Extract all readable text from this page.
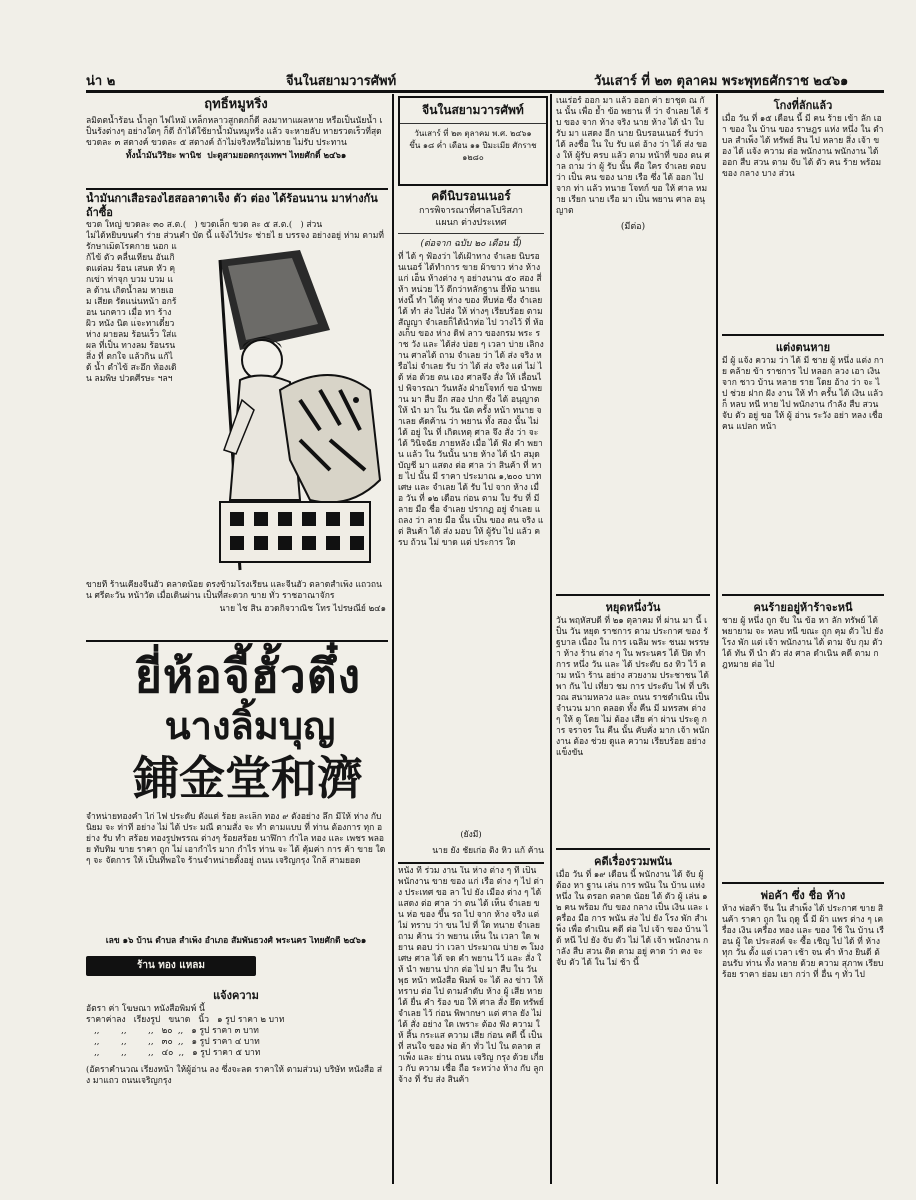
น่า ๒	จีนในสยามวารศัพท์	วันเสาร์ ที่ ๒๓ ตุลาคม พระพุทธศักราช ๒๔๖๑
ฤทธิ์หมูหริ่ง
ลมิตตน้ำร้อน น้ำลูก ไฟไหม้ เหล็กหลาวสูกดกก็ดี ลงมาทาแผลหาย หรือเป็นนัยน้ำ เป็นร้งต่างๆ อย่างใดๆ ก็ดี ถ้าได้ใช้ยาน้ำมันหมูหริ่ง แล้ว จะหายลับ หายรวดเร็วที่สุด ขวดละ ๓ สตางค์ ขวดละ ๕ สตางค์ ถ้าไม่จริงหรือไม่หาย ไม่รับ ประทาน
ทั้งน้ำมันวิริยะ พานิช  ปะตูสามยอดกรุงเทพฯ ไทยศักดิ์ ๒๔๖๑
น้ำมันกาเสือรองไฮสอลาตาเจ็ง ตัว ต่อง ได้ร้อนนาน มาห่างกัน ถ้าซื้อ
ขวด ใหญ่ ขวดละ ๓๐ ส.ต.(   ) ขวดเล็ก ขวด ละ ๕ ส.ต.(   ) ส่วน
ไม่ได้หยิบขนคำ ร่าย ส่วนคำ บัด นี้ แจ้งไว้ประ ช่ายไ ย บรรจง อย่างอยู่ ห่าม ตามที่
รักษาเม็ดโรคกาย นอก แก้ไข้ ตัว คลื่นเหียน อันเกิดแต่ลม ร้อน เสนด หัว คุกเข่า ท่าจุก บวม บวม แล ด้าน เกิดน้ำลม หายเอม เสียด รัดแน่นหน้า อกร้อน นกคาว เมื่อ ทา ร้าง ผิว หนัง นิด แ่จะทาเดี๋ยว ห่าง ผายลม ร้อนเร็ว ใส่แผล ที่เป็น ทางลม ร้อนรน สิ่ง ที่ ตกใจ แล้วกิน แก้ได้ น้ำ ตำไข้ สะอึก ท้องเดิน ลมพิษ ปวดศีรษะ ฯลฯ
ขายที่ ร้านเคียงจีนฮั่ว ตลาดน้อย ตรงข้ามโรงเรียน และจีนฮั่ว ตลาดสำเพ็ง แถวถนน ศรีตะวัน หน้าวัด เมื่อเดินผ่าน เป็นที่สะดวก ขาย ทั่ว ราชอาณาจักร
นาย ไช สิน ฮวดกิจวาณิช โทร ไปรษณีย์ ๒๔๑
ยี่ห้อจี้ฮั้วตึ๋ง
นางลิ้มบุญ
鋪金堂和濟
จำหน่ายทองคำ ไก่ ไฟ ประดับ ตั้งแต่ ร้อย ละเล็ก ทอง ๙ ตั้งอย่าง ลึก มีให้ ห่าง กับ นิยม จะ ท่าที อย่าง ไม่ ได้ ประ มณี ตามสั่ง จะ ทำ ตามแบบ ที่ ท่าน ต้องการ ทุก อย่าง รับ ทำ สร้อย ทองรูปพรรณ ต่างๆ ร้อยสร้อย นาฬิกา กำไล ทอง และ เพชร พลอย ทับทิม ขาย ราคา ถูก ไม่ เอากำไร มาก กำไร ท่าน จะ ได้ คุ้มค่า การ ค้า ขาย ใด ๆ จะ จัดการ ให้ เป็นที่พอใจ ร้านจำหน่ายตั้งอยู่ ถนน เจริญกรุง ใกล้ สามยอด
เลข ๑๖ บ้าน ตำบล สำเพ็ง อำเภอ สัมพันธวงศ์ พระนคร ไทยศักดิ์ ๒๔๖๑
ร้าน ทอง แหลม
แจ้งความ
อัตรา ค่า โฆษณา หนังสือพิมพ์ นี้
ราคาค่าลง   เรียงรูป   ขนาด   นิ้ว   ๑ รูป ราคา ๒ บาท
,,        ,,        ,,   ๒๐  ,,   ๑ รูป ราคา ๓ บาท
,,        ,,        ,,   ๓๐  ,,   ๑ รูป ราคา ๔ บาท
,,        ,,        ,,   ๔๐  ,,   ๑ รูป ราคา ๕ บาท
(อัตราคำนวณ เรียงหน้า ให้ผู้อ่าน ลง ซึ่งจะลด ราคาให้ ตามส่วน) บริษัท หนังสือ ส่ง มาแถว ถนนเจริญกรุง
จีนในสยามวารศัพท์
วันเสาร์ ที่ ๒๓ ตุลาคม พ.ศ. ๒๔๖๑
ขึ้น ๑๘ ค่ำ เดือน ๑๑ ปีมะเมีย ศักราช ๑๒๘๐
คดีนิบรอนเนอร์
การพิจารณาที่ศาลโปริสภา
แผนก ต่างประเทศ
(ต่อจาก ฉบับ ๒๐ เดือน นี้)
ที่ ได้ ๆ ฟ้องว่า ได้เฝ้าทาง จำเลย นิบรอนเนอร์ ได้ทำการ ขาย ผ้าขาว ห่าง ห้าง แก่ เอ็น ห้างต่าง ๆ อย่างนาน ๕๐ สอง สี่ ห้า หน่วย ไว้ ดีกว่าหลักฐาน ยี่ห้อ นายแห่งนี้ ทำ ได้ดู ห่าง ของ หีบห่อ ซึ่ง จำเลย ได้ ทำ ส่ง ไปส่ง ให้ ห่างๆ เรียบร้อย ตามสัญญา จำเลยก็ได้นำห่อ ไป วางไว้ ที่ ห้องเก็บ ของ ห่าง ดิฟ ลาว ของกรม พระ ราช วัง และ ได้ส่ง บ่อย ๆ เวลา บ่าย เลิกงาน ศาลได้ ถาม จำเลย ว่า ได้ ส่ง จริง หรือไม่ จำเลย รับ ว่า ได้ ส่ง จริง แต่ ไม่ ได้ ห่อ ด้วย ตน เอง ศาลจึง สั่ง ให้ เลื่อนไป พิจารณา วันหลัง ฝ่ายโจทก์ ขอ นำพยาน มา สืบ อีก สอง ปาก ซึ่ง ได้ อนุญาต ให้ นำ มา ใน วัน นัด ครั้ง หน้า ทนาย จำเลย คัดค้าน ว่า พยาน ทั้ง สอง นั้น ไม่ ได้ อยู่ ใน ที่ เกิดเหตุ ศาล จึง สั่ง ว่า จะ ได้ วินิจฉัย ภายหลัง เมื่อ ได้ ฟัง คำ พยาน แล้ว ใน วันนั้น นาย ห้าง ได้ นำ สมุด บัญชี มา แสดง ต่อ ศาล ว่า สินค้า ที่ หาย ไป นั้น มี ราคา ประมาณ ๑,๒๐๐ บาท เศษ และ จำเลย ได้ รับ ไป จาก ห้าง เมื่อ วัน ที่ ๑๒ เดือน ก่อน ตาม ใบ รับ ที่ มี ลาย มือ ชื่อ จำเลย ปรากฏ อยู่ จำเลย แถลง ว่า ลาย มือ นั้น เป็น ของ ตน จริง แต่ สินค้า ได้ ส่ง มอบ ให้ ผู้รับ ไป แล้ว ครบ ถ้วน ไม่ ขาด แต่ ประการ ใด
(ยังมี)
นาย ยัง ชัยเก่อ ติ๊ง หิว แก้ ค้าน
หนัง ที่ ร่วม งาน ใน ห่าง ต่าง ๆ ที่ เป็น พนักงาน ขาย ของ แก่ เรือ ต่าง ๆ ไป ต่าง ประเทศ ขอ ลา ไป ยัง เมือง ต่าง ๆ ได้ แสดง ต่อ ศาล ว่า ตน ได้ เห็น จำเลย ขน ห่อ ของ ขึ้น รถ ไป จาก ห้าง จริง แต่ ไม่ ทราบ ว่า ขน ไป ที่ ใด ทนาย จำเลย ถาม ค้าน ว่า พยาน เห็น ใน เวลา ใด พยาน ตอบ ว่า เวลา ประมาณ บ่าย ๓ โมง เศษ ศาล ได้ จด คำ พยาน ไว้ และ สั่ง ให้ นำ พยาน ปาก ต่อ ไป มา สืบ ใน วัน พุธ หน้า หนังสือ พิมพ์ จะ ได้ ลง ข่าว ให้ ทราบ ต่อ ไป ตามลำดับ ห้าง ผู้ เสีย หาย ได้ ยื่น คำ ร้อง ขอ ให้ ศาล สั่ง ยึด ทรัพย์ จำเลย ไว้ ก่อน พิพากษา แต่ ศาล ยัง ไม่ ได้ สั่ง อย่าง ใด เพราะ ต้อง ฟัง ความ ให้ สิ้น กระแส ความ เสีย ก่อน คดี นี้ เป็น ที่ สนใจ ของ พ่อ ค้า ทั่ว ไป ใน ตลาด สำเพ็ง และ ย่าน ถนน เจริญ กรุง ด้วย เกี่ยว กับ ความ เชื่อ ถือ ระหว่าง ห้าง กับ ลูกจ้าง ที่ รับ ส่ง สินค้า
เนเร่อร์ ออก มา แล้ว ออก ค่า ยาชุด ณ กัน นั้น เพื่อ ย้ำ ข้อ พยาน ที่ ว่า จำเลย ได้ รับ ของ จาก ห้าง จริง นาย ห้าง ได้ นำ ใบ รับ มา แสดง อีก นาย นิบรอนเนอร์ รับว่า ได้ ลงชื่อ ใน ใบ รับ แต่ อ้าง ว่า ได้ ส่ง ของ ให้ ผู้รับ ครบ แล้ว ตาม หน้าที่ ของ ตน ศาล ถาม ว่า ผู้ รับ นั้น คือ ใคร จำเลย ตอบ ว่า เป็น คน ของ นาย เรือ ซึ่ง ได้ ออก ไป จาก ท่า แล้ว ทนาย โจทก์ ขอ ให้ ศาล หมาย เรียก นาย เรือ มา เป็น พยาน ศาล อนุญาต
(มีต่อ)
หยุดหนึ่งวัน
วัน พฤหัสบดี ที่ ๒๑ ตุลาคม ที่ ผ่าน มา นี้ เป็น วัน หยุด ราชการ ตาม ประกาศ ของ รัฐบาล เนื่อง ใน การ เฉลิม พระ ชนม พรรษา ห้าง ร้าน ต่าง ๆ ใน พระนคร ได้ ปิด ทำการ หนึ่ง วัน และ ได้ ประดับ ธง ทิว ไว้ ตาม หน้า ร้าน อย่าง สวยงาม ประชาชน ได้ พา กัน ไป เที่ยว ชม การ ประดับ ไฟ ที่ บริเวณ สนามหลวง และ ถนน ราชดำเนิน เป็น จำนวน มาก ตลอด ทั้ง คืน มี มหรสพ ต่าง ๆ ให้ ดู โดย ไม่ ต้อง เสีย ค่า ผ่าน ประตู การ จราจร ใน คืน นั้น คับคั่ง มาก เจ้า พนักงาน ต้อง ช่วย ดูแล ความ เรียบร้อย อย่าง แข็งขัน
คดีเรื่องรวมพนัน
เมื่อ วัน ที่ ๑๙ เดือน นี้ พนักงาน ได้ จับ ผู้ ต้อง หา ฐาน เล่น การ พนัน ใน บ้าน แห่ง หนึ่ง ใน ตรอก ตลาด น้อย ได้ ตัว ผู้ เล่น ๑๒ คน พร้อม กับ ของ กลาง เป็น เงิน และ เครื่อง มือ การ พนัน ส่ง ไป ยัง โรง พัก สำเพ็ง เพื่อ ดำเนิน คดี ต่อ ไป เจ้า ของ บ้าน ได้ หนี ไป ยัง จับ ตัว ไม่ ได้ เจ้า พนักงาน กำลัง สืบ สวน ติด ตาม อยู่ คาด ว่า คง จะ จับ ตัว ได้ ใน ไม่ ช้า นี้
โกงที่ลักแล้ว
เมื่อ วัน ที่ ๑๕ เดือน นี้ มี คน ร้าย เข้า ลัก เอา ของ ใน บ้าน ของ ราษฎร แห่ง หนึ่ง ใน ตำบล สำเพ็ง ได้ ทรัพย์ สิน ไป หลาย สิ่ง เจ้า ของ ได้ แจ้ง ความ ต่อ พนักงาน พนักงาน ได้ ออก สืบ สวน ตาม จับ ได้ ตัว คน ร้าย พร้อม ของ กลาง บาง ส่วน
แต่งตนหาย
มี ผู้ แจ้ง ความ ว่า ได้ มี ชาย ผู้ หนึ่ง แต่ง กาย คล้าย ข้า ราชการ ไป หลอก ลวง เอา เงิน จาก ชาว บ้าน หลาย ราย โดย อ้าง ว่า จะ ไป ช่วย ฝาก ฝัง งาน ให้ ทำ ครั้น ได้ เงิน แล้ว ก็ หลบ หนี หาย ไป พนักงาน กำลัง สืบ สวน จับ ตัว อยู่ ขอ ให้ ผู้ อ่าน ระวัง อย่า หลง เชื่อ คน แปลก หน้า
คนร้ายอยู่ห้าร้าจะหนี
ชาย ผู้ หนึ่ง ถูก จับ ใน ข้อ หา ลัก ทรัพย์ ได้ พยายาม จะ หลบ หนี ขณะ ถูก คุม ตัว ไป ยัง โรง พัก แต่ เจ้า พนักงาน ได้ ตาม จับ กุม ตัว ได้ ทัน ที นำ ตัว ส่ง ศาล ดำเนิน คดี ตาม กฎหมาย ต่อ ไป
พ่อค้า ซึ่ง ชื่อ ห้าง
ห้าง พ่อค้า จีน ใน สำเพ็ง ได้ ประกาศ ขาย สินค้า ราคา ถูก ใน ฤดู นี้ มี ผ้า แพร ต่าง ๆ เครื่อง เงิน เครื่อง ทอง และ ของ ใช้ ใน บ้าน เรือน ผู้ ใด ประสงค์ จะ ซื้อ เชิญ ไป ได้ ที่ ห้าง ทุก วัน ตั้ง แต่ เวลา เช้า จน ค่ำ ห้าง ยินดี ต้อนรับ ท่าน ทั้ง หลาย ด้วย ความ สุภาพ เรียบร้อย ราคา ย่อม เยา กว่า ที่ อื่น ๆ ทั่ว ไป
